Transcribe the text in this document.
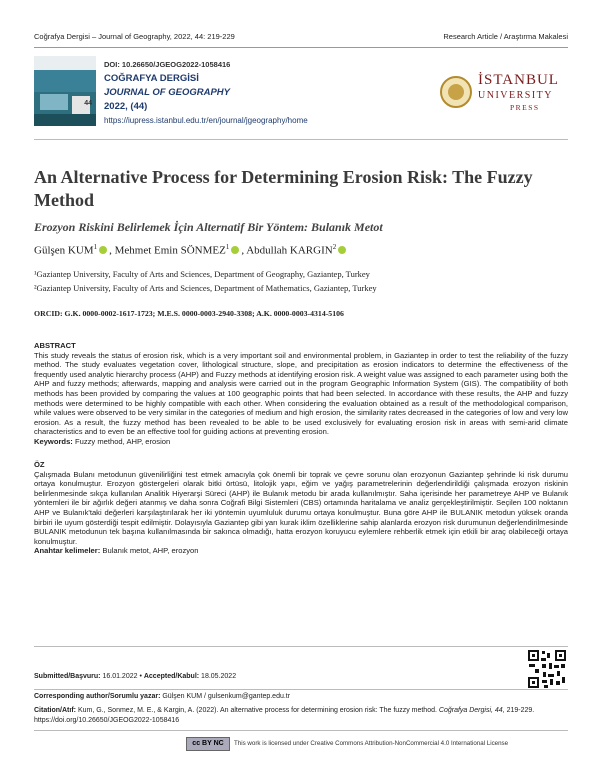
Coğrafya Dergisi – Journal of Geography, 2022, 44: 219-229	Research Article / Araştırma Makalesi
44
DOI: 10.26650/JGEOG2022-1058416
COĞRAFYA DERGİSİ
JOURNAL OF GEOGRAPHY
2022, (44)
https://iupress.istanbul.edu.tr/en/journal/jgeography/home
İSTANBUL
UNIVERSITY
PRESS
An Alternative Process for Determining Erosion Risk: The Fuzzy Method
Erozyon Riskini Belirlemek İçin Alternatif Bir Yöntem: Bulanık Metot
Gülşen KUM$^1$ , Mehmet Emin SÖNMEZ$^1$ , Abdullah KARGIN$^2$
¹Gaziantep University, Faculty of Arts and Sciences, Department of Geography, Gaziantep, Turkey
²Gaziantep University, Faculty of Arts and Sciences, Department of Mathematics, Gaziantep, Turkey
ORCID: G.K. 0000-0002-1617-1723; M.E.S. 0000-0003-2940-3308; A.K. 0000-0003-4314-5106
ABSTRACT
This study reveals the status of erosion risk, which is a very important soil and environmental problem, in Gaziantep in order to test the reliability of the fuzzy method. The study evaluates vegetation cover, lithological structure, slope, and precipitation as erosion indicators to determine the effectiveness of the frequently used analytic hierarchy process (AHP) and Fuzzy methods at identifying erosion risk. A weight value was assigned to each parameter using both the AHP and fuzzy methods; afterwards, mapping and analysis were carried out in the program Geographic Information System (GIS). The compatibility of both methods has been provided by comparing the values at 100 geographic points that had been selected. In accordance with these results, the AHP and fuzzy methods were determined to be highly compatible with each other. When considering the evaluation obtained as a result of the methodological comparison, while values were observed to be very similar in the categories of medium and high erosion, the similarity rates decreased in the categories of low and very low erosion. As a result, the fuzzy method has been revealed to be able to be used exclusively for evaluating erosion risk in areas with semi-arid climate characteristics and to even be an effective tool for guiding actions at preventing erosion.
Keywords: Fuzzy method, AHP, erosion
ÖZ
Çalışmada Bulanı metodunun güvenilirliğini test etmek amacıyla çok önemli bir toprak ve çevre sorunu olan erozyonun Gaziantep şehrinde ki risk durumu ortaya konulmuştur. Erozyon göstergeleri olarak bitki örtüsü, litolojik yapı, eğim ve yağış parametrelerinin değerlendirildiği çalışmada erozyon riskinin belirlenmesinde sıkça kullanılan Analitik Hiyerarşi Süreci (AHP) ile Bulanık metodu bir arada kullanılmıştır. Saha içerisinde her parametreye AHP ve Bulanık yöntemleri ile bir ağırlık değeri atanmış ve daha sonra Coğrafi Bilgi Sistemleri (CBS) ortamında haritalama ve analiz gerçekleştirilmiştir. Seçilen 100 noktanın AHP ve Bulanık'taki değerleri karşılaştırılarak her iki yöntemin uyumluluk durumu ortaya konulmuştur. Buna göre AHP ile BULANIK metodun yüksek oranda birbiri ile uyum gösterdiği tespit edilmiştir. Dolayısıyla Gaziantep gibi yarı kurak iklim özelliklerine sahip alanlarda erozyon risk durumunun değerlendirilmesinde BULANIK metodunun tek başına kullanılmasında bir sakınca olmadığı, hatta erozyon koruyucu eylemlere rehberlik etmek için etkili bir araç olabileceği ortaya konulmuştur.
Anahtar kelimeler: Bulanık metot, AHP, erozyon
Submitted/Başvuru: 16.01.2022 • Accepted/Kabul: 18.05.2022
Corresponding author/Sorumlu yazar: Gülşen KUM / gulsenkum@gantep.edu.tr
Citation/Atıf: Kum, G., Sonmez, M. E., & Kargin, A. (2022). An alternative process for determining erosion risk: The fuzzy method. Coğrafya Dergisi, 44, 219-229.
https://doi.org/10.26650/JGEOG2022-1058416
cc BY NC	This work is licensed under Creative Commons Attribution-NonCommercial 4.0 International License
